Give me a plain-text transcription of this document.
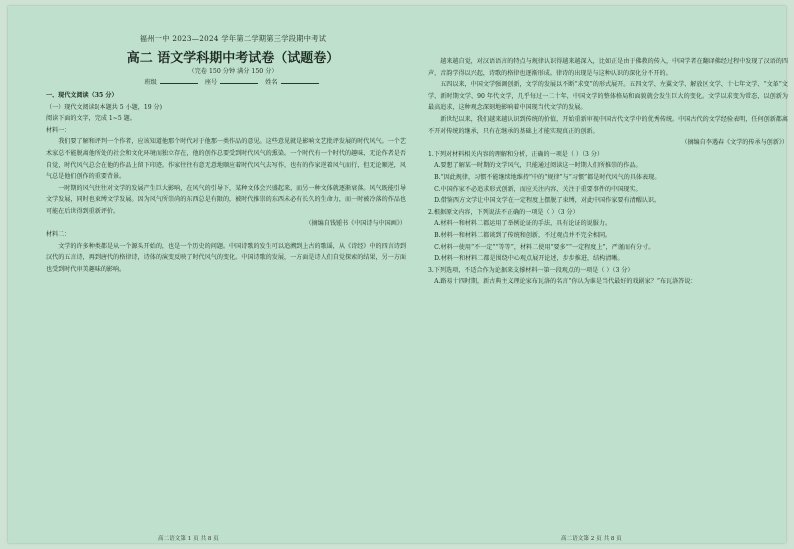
福州一中 2023—2024 学年第二学期第三学段期中考试
高二 语文学科期中考试卷（试题卷）
（完卷 150 分钟 满分 150 分）
班级	座号	姓名

一、现代文阅读（35 分）

（一）现代文阅读Ⅰ(本题共 5 小题，19 分)

阅读下面的文字，完成 1~5 题。

材料一：

我们要了解和评判一个作者，应该知道他那个时代对于他那一类作品的意见。这些意见就是影响文艺批评发展的时代风气。一个艺术家总不能脱离他所处的社会和文化环境而独立存在，他的创作总要受到时代风气的熏染。一个时代有一个时代的趣味，无论作者是否自觉，时代风气总会在他的作品上留下印迹。作家往往有意无意地顺应着时代风气去写作，也有的作家逆着风气而行，但无论顺逆，风气总是他们创作的重要背景。

一时期的风气往往对文学的发展产生巨大影响，在风气的引导下，某种文体会兴盛起来，而另一种文体就逐渐衰落。风气既能引导文学发展，同时也束缚文学发展。因为风气所崇尚的东西总是有限的，被时代推崇的东西未必有长久的生命力，而一时被冷落的作品也可能在后世得到重新评价。

（摘编自钱锺书《中国诗与中国画》）

材料二：

文学的许多种类都是从一个源头开始的，也是一个历史的问题。中国诗歌的发生可以追溯到上古的歌谣，从《诗经》中的四言诗到汉代的五言诗，再到唐代的格律诗，诗体的演变反映了时代风气的变化。中国诗歌的发展，一方面是诗人们自觉探索的结果，另一方面也受到时代审美趣味的影响。

越来越自觉，对汉语语言的特点与规律认识得越来越深入，比如正是由于佛教的传入，中国学者在翻译佛经过程中发现了汉语的四声，音韵学得以兴起，诗歌的格律也逐渐形成。律诗的出现是与这种认识的深化分不开的。

五四以来，中国文学强调创新，文学的发展以不断“求变”的形式展开。五四文学、左翼文学、解放区文学、十七年文学、“文革”文学、新时期文学、90 年代文学，几乎每过一二十年，中国文学的整体格局和面貌就会发生巨大的变化。文学以求变为常态，以创新为最高追求，这种观念深刻地影响着中国现当代文学的发展。

新世纪以来，我们越来越认识到传统的价值，开始重新审视中国古代文学中的优秀传统。中国古代的文学经验表明，任何创新都离不开对传统的继承，只有在继承的基础上才能实现真正的创新。

（摘编自李遇春《文学的传承与创新》）

1.下列对材料相关内容的理解和分析，正确的一项是（ ）（3 分）

A.要想了解某一时期的文学风气，只能通过阅读这一时期人们所推崇的作品。

B.“因此规律，习惯不能继续地维持”中的“规律”与“习惯”都是时代风气的具体表现。

C.中国作家不必追求形式创新，而应关注内容，关注于重要事件的中国现实。

D.借鉴西方文学让中国文学在一定程度上摆脱了束缚，对此中国作家要有清醒认识。

2.根据原文内容，下列说法不正确的一项是（ ）（3 分）

A.材料一和材料二都运用了举例论证的手法，具有论证的说服力。

B.材料一和材料二都谈到了传统和创新，不过观点并不完全相同。

C.材料一使用“不一定”“等等”，材料二使用“要多”“一定程度上”，严谨而有分寸。

D.材料一和材料二都是围绕中心观点展开论述，步步推进，结构清晰。

3.下列选项，不适合作为论据来支撑材料一第一段观点的一项是（ ）（3 分）

A.路易十四时期，新古典主义理论家布瓦洛的名言“你认为谁是当代最好的戏剧家？”布瓦洛答说：

高二语文第 1 页 共 8 页	高二语文第 2 页 共 8 页
